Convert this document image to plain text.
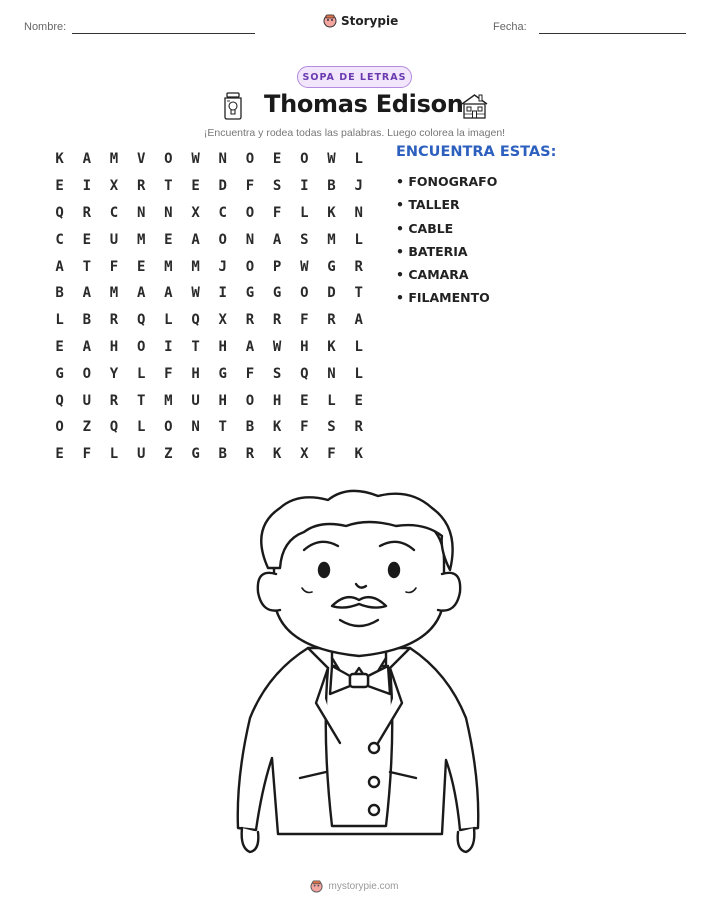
Nombre:	Storypie	Fecha:
SOPA DE LETRAS
Thomas Edison
¡Encuentra y rodea todas las palabras. Luego colorea la imagen!
K	A	M	V	O	W	N	O	E	O	W	L
E	I	X	R	T	E	D	F	S	I	B	J
Q	R	C	N	N	X	C	O	F	L	K	N
C	E	U	M	E	A	O	N	A	S	M	L
A	T	F	E	M	M	J	O	P	W	G	R
B	A	M	A	A	W	I	G	G	O	D	T
L	B	R	Q	L	Q	X	R	R	F	R	A
E	A	H	O	I	T	H	A	W	H	K	L
G	O	Y	L	F	H	G	F	S	Q	N	L
Q	U	R	T	M	U	H	O	H	E	L	E
O	Z	Q	L	O	N	T	B	K	F	S	R
E	F	L	U	Z	G	B	R	K	X	F	K
ENCUENTRA ESTAS:
• FONOGRAFO
• TALLER
• CABLE
• BATERIA
• CAMARA
• FILAMENTO
mystorypie.com
